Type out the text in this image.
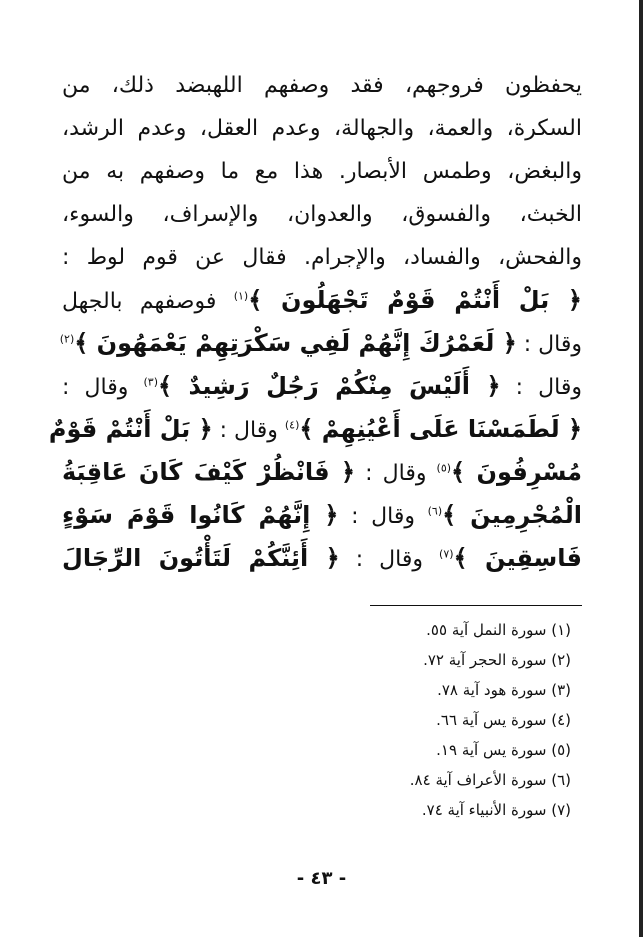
يحفظون فروجهم، فقد وصفهم اللهبضد ذلك، من
السكرة، والعمة، والجهالة، وعدم العقل، وعدم الرشد،
والبغض، وطمس الأبصار. هذا مع ما وصفهم به من
الخبث، والفسوق، والعدوان، والإسراف، والسوء،
والفحش، والفساد، والإجرام. فقال عن قوم لوط :
﴿ بَلْ أَنْتُمْ قَوْمٌ تَجْهَلُونَ ﴾$^{(١)}$ فوصفهم بالجهل
وقال : ﴿ لَعَمْرُكَ إِنَّهُمْ لَفِي سَكْرَتِهِمْ يَعْمَهُونَ ﴾$^{(٢)}$
وقال : ﴿ أَلَيْسَ مِنْكُمْ رَجُلٌ رَشِيدٌ ﴾$^{(٣)}$ وقال :
﴿ لَطَمَسْنَا عَلَى أَعْيُنِهِمْ ﴾$^{(٤)}$ وقال : ﴿ بَلْ أَنْتُمْ قَوْمٌ
مُسْرِفُونَ ﴾$^{(٥)}$ وقال : ﴿ فَانْظُرْ كَيْفَ كَانَ عَاقِبَةُ
الْمُجْرِمِينَ ﴾$^{(٦)}$ وقال : ﴿ إِنَّهُمْ كَانُوا قَوْمَ سَوْءٍ
فَاسِقِينَ ﴾$^{(٧)}$ وقال : ﴿ أَئِنَّكُمْ لَتَأْتُونَ الرِّجَالَ
(١) سورة النمل آية ٥٥.
(٢) سورة الحجر آية ٧٢.
(٣) سورة هود آية ٧٨.
(٤) سورة يس آية ٦٦.
(٥) سورة يس آية ١٩.
(٦) سورة الأعراف آية ٨٤.
(٧) سورة الأنبياء آية ٧٤.
- ٤٣ -
